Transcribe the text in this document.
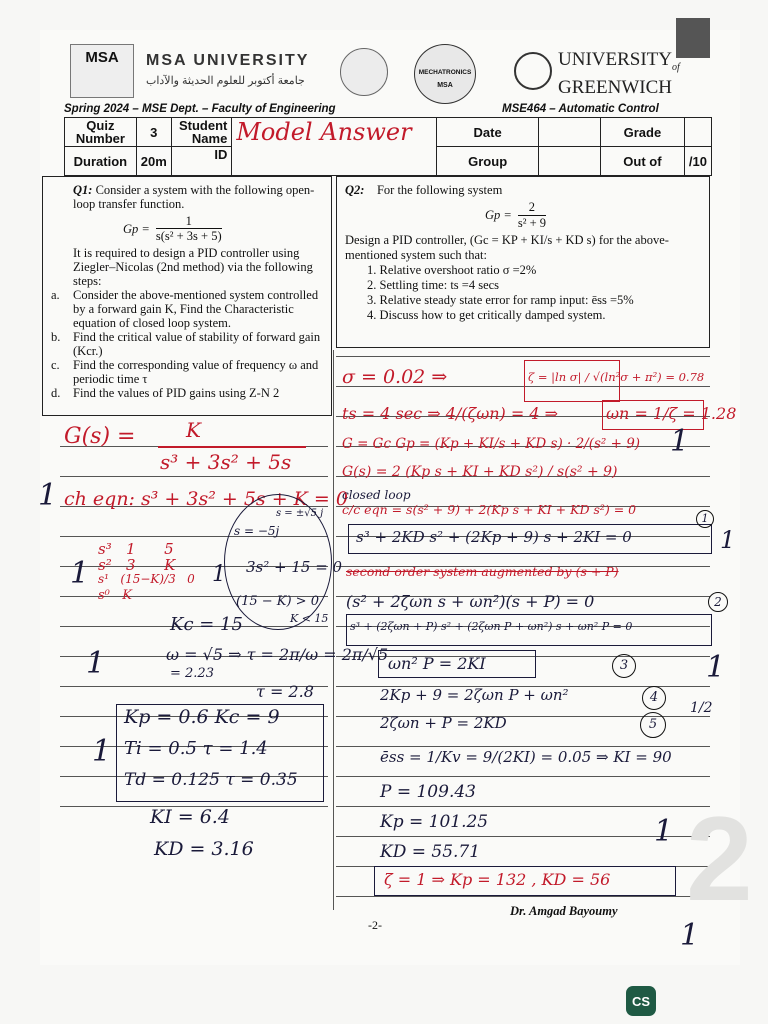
MSA	MSA UNIVERSITY
جامعة أكتوبر للعلوم الحديثة والآداب
MECHATRONICS
MSA
$UNIVERSITY_{of}$
GREENWICH
Spring 2024 – MSE Dept. – Faculty of Engineering	MSE464 – Automatic Control
Quiz Number	3	Student Name	Model Answer	Date		Grade	
Duration	20m	ID		Group		Out of	/10
Q1: Consider a system with the following open-loop transfer function.
$Gp = \frac{1}{\text{s(s² + 3s + 5)}}$
It is required to design a PID controller using Ziegler–Nicolas (2nd method) via the following steps:
a. Consider the above-mentioned system controlled by a forward gain K, Find the Characteristic equation of closed loop system.
b. Find the critical value of stability of forward gain (Kcr.)
c. Find the corresponding value of frequency ω and periodic time τ
d. Find the values of PID gains using Z-N 2
Q2: For the following system
$Gp = \frac{2}{\text{s² + 9}}$
Design a PID controller, (Gc = KP + KI/s + KD s) for the above-mentioned system such that:
1. Relative overshoot ratio σ =2%
2. Settling time: ts =4 secs
3. Relative steady state error for ramp input: ēss =5%
4. Discuss how to get critically damped system.
G(s) =	K
s³ + 3s² + 5s
ch eqn: s³ + 3s² + 5s + K = 0
s³   1      5
s²   3      K
s¹   (15−K)/3   0
s⁰   K
s = −5j
s = ±√5 j
3s² + 15 = 0
(15 − K) > 0
K < 15
Kc = 15
ω = √5 ⇒ τ = 2π/ω = 2π/√5
= 2.23
τ = 2.8
Kp = 0.6 Kc = 9
Ti = 0.5 τ = 1.4
Td = 0.125 τ = 0.35
KI = 6.4
KD = 3.16
σ = 0.02 ⇒	ζ = |ln σ| / √(ln²σ + π²) = 0.78
ts = 4 sec ⇒ 4/(ζωn) = 4 ⇒	ωn = 1/ζ = 1.28
G = Gc Gp = (Kp + KI/s + KD s) · 2/(s² + 9)
G(s) = 2 (Kp s + KI + KD s²) / s(s² + 9)
closed loop
c/c eqn = s(s² + 9) + 2(Kp s + KI + KD s²) = 0
s³ + 2KD s² + (2Kp + 9) s + 2KI = 0
second order system augmented by (s + P)
(s² + 2ζωn s + ωn²)(s + P) = 0
s³ + (2ζωn + P) s² + (2ζωn P + ωn²) s + ωn² P = 0
ωn² P = 2KI
2Kp + 9 = 2ζωn P + ωn²
2ζωn + P = 2KD
ēss = 1/Kv = 9/(2KI) = 0.05 ⇒ KI = 90
P = 109.43
Kp = 101.25
KD = 55.71
ζ = 1 ⇒ Kp = 132 , KD = 56
1
2
3
4
5
1
1	1
1
1
1
1
1
1
1
1/2
2
Dr. Amgad Bayoumy
-2-
CS
